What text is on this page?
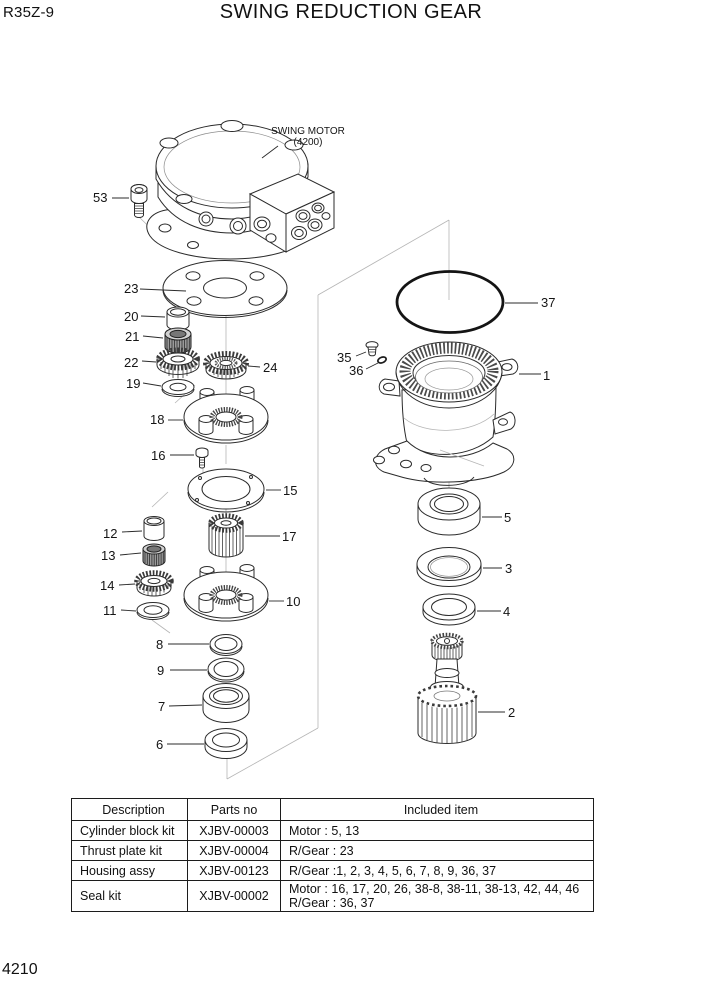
R35Z-9	SWING REDUCTION GEAR
SWING MOTOR
(4200)
53
23
20
21
22
19
24
18
16
15
12
13
17
14
11
10
8
9
7
6
37
35
36	1
5
3
4
2
Description	Parts no	Included item
Cylinder block kit	XJBV-00003	Motor : 5, 13
Thrust plate kit	XJBV-00004	R/Gear : 23
Housing assy	XJBV-00123	R/Gear :1, 2, 3, 4, 5, 6, 7, 8, 9, 36, 37
Seal kit	XJBV-00002	Motor : 16, 17, 20, 26, 38-8, 38-11, 38-13, 42, 44, 46
R/Gear : 36, 37
4210
